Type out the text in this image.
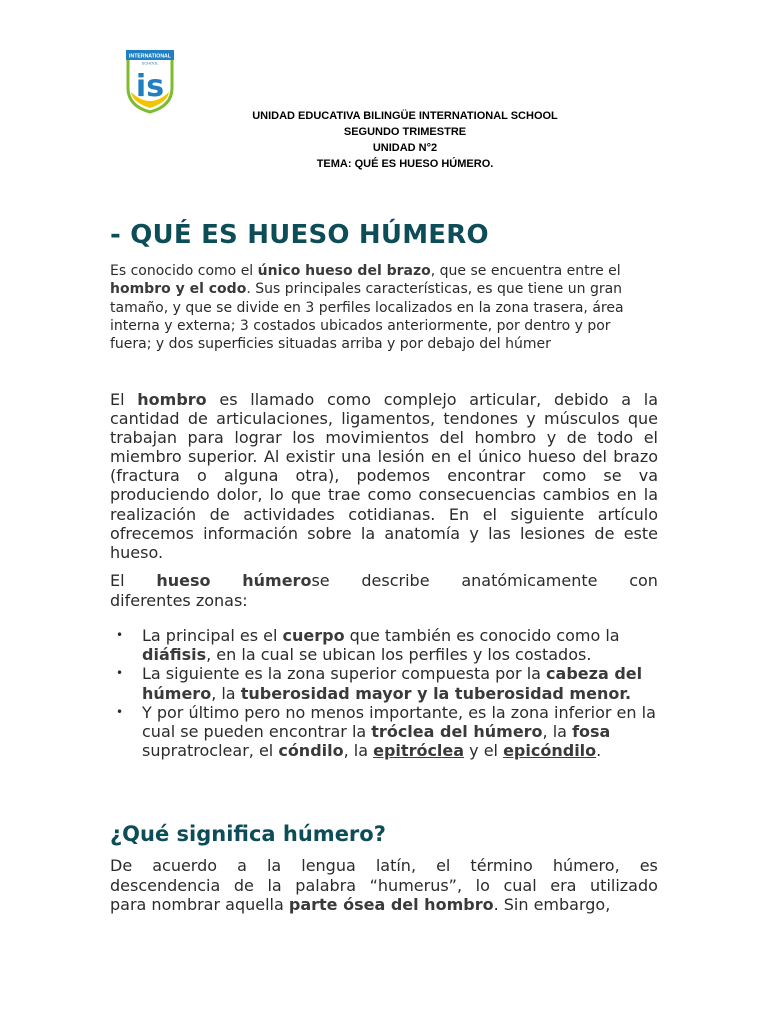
INTERNATIONAL
SCHOOL
is
UNIDAD EDUCATIVA BILINGÜE INTERNATIONAL SCHOOL
SEGUNDO TRIMESTRE
UNIDAD N°2
TEMA: QUÉ ES HUESO HÚMERO.
- QUÉ ES HUESO HÚMERO
Es conocido como el único hueso del brazo, que se encuentra entre el hombro y el codo. Sus principales características, es que tiene un gran tamaño, y que se divide en 3 perfiles localizados en la zona trasera, área interna y externa; 3 costados ubicados anteriormente, por dentro y por fuera; y dos superficies situadas arriba y por debajo del húmer
El hombro es llamado como complejo articular, debido a la cantidad de articulaciones, ligamentos, tendones y músculos que trabajan para lograr los movimientos del hombro y de todo el miembro superior. Al existir una lesión en el único hueso del brazo (fractura o alguna otra), podemos encontrar como se va produciendo dolor, lo que trae como consecuencias cambios en la realización de actividades cotidianas. En el siguiente artículo ofrecemos información sobre la anatomía y las lesiones de este hueso.
El hueso húmerose describe anatómicamente con
diferentes zonas:
• La principal es el cuerpo que también es conocido como la diáfisis, en la cual se ubican los perfiles y los costados.
• La siguiente es la zona superior compuesta por la cabeza del húmero, la tuberosidad mayor y la tuberosidad menor.
• Y por último pero no menos importante, es la zona inferior en la cual se pueden encontrar la tróclea del húmero, la fosa supratroclear, el cóndilo, la epitróclea y el epicóndilo.
¿Qué significa húmero?
De acuerdo a la lengua latín, el término húmero, es
descendencia de la palabra “humerus”, lo cual era utilizado
para nombrar aquella parte ósea del hombro. Sin embargo,
